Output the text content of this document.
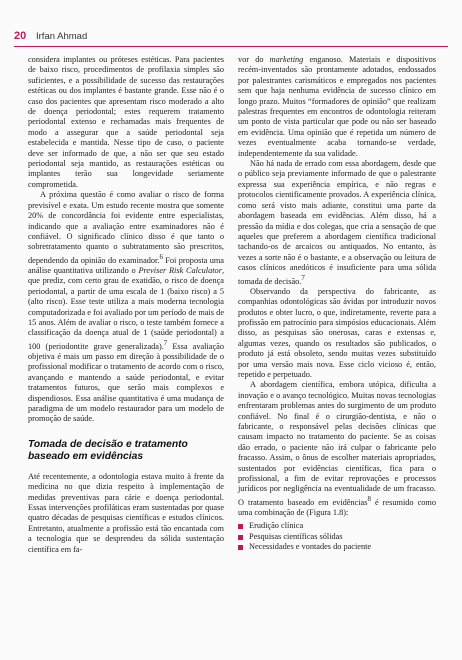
20 Irfan Ahmad

considera implantes ou próteses estéticas. Para pacientes de baixo risco, procedimentos de profilaxia simples são suficientes, e a possibilidade de sucesso das restaurações estéticas ou dos implantes é bastante grande. Esse não é o caso dos pacientes que apresentam risco moderado a alto de doença periodontal; estes requerem tratamento periodontal extenso e rechamadas mais frequentes de modo a assegurar que a saúde periodontal seja estabelecida e mantida. Nesse tipo de caso, o paciente deve ser informado de que, a não ser que seu estado periodontal seja mantido, as restaurações estéticas ou implantes terão sua longevidade seriamente comprometida.

A próxima questão é como avaliar o risco de forma previsível e exata. Um estudo recente mostra que somente 20% de concordância foi evidente entre especialistas, indicando que a avaliação entre examinadores não é confiável. O significado clínico disso é que tanto o sobretratamento quanto o subtratamento são prescritos, dependendo da opinião do examinador.$^6$ Foi proposta uma análise quantitativa utilizando o Previser Risk Calculator, que prediz, com certo grau de exatidão, o risco de doença periodontal, a partir de uma escala de 1 (baixo risco) a 5 (alto risco). Esse teste utiliza a mais moderna tecnologia computadorizada e foi avaliado por um período de mais de 15 anos. Além de avaliar o risco, o teste também fornece a classificação da doença atual de 1 (saúde periodontal) a 100 (periodontite grave generalizada).$^7$ Essa avaliação objetiva é mais um passo em direção à possibilidade de o profissional modificar o tratamento de acordo com o risco, avançando e mantendo a saúde periodontal, e evitar tratamentos futuros, que serão mais complexos e dispendiosos. Essa análise quantitativa é uma mudança de paradigma de um modelo restaurador para um modelo de promoção de saúde.

Tomada de decisão e tratamento baseado em evidências

Até recentemente, a odontologia estava muito à frente da medicina no que dizia respeito à implementação de medidas preventivas para cárie e doença periodontal. Essas intervenções profiláticas eram sustentadas por quase quatro décadas de pesquisas científicas e estudos clínicos. Entretanto, atualmente a profissão está tão encantada com a tecnologia que se desprendeu da sólida sustentação científica em fa-

vor do marketing enganoso. Materiais e dispositivos recém-inventados são prontamente adotados, endossados por palestrantes carismáticos e empregados nos pacientes sem que haja nenhuma evidência de sucesso clínico em longo prazo. Muitos “formadores de opinião” que realizam palestras frequentes em encontros de odontologia reiteram um ponto de vista particular que pode ou não ser baseado em evidência. Uma opinião que é repetida um número de vezes eventualmente acaba tornando-se verdade, independentemente da sua validade.

Não há nada de errado com essa abordagem, desde que o público seja previamente informado de que o palestrante expressa sua experiência empírica, e não regras e protocolos cientificamente provados. A experiência clínica, como será visto mais adiante, constitui uma parte da abordagem baseada em evidências. Além disso, há a pressão da mídia e dos colegas, que cria a sensação de que aqueles que preferem a abordagem científica tradicional tachando-os de arcaicos ou antiquados. No entanto, às vezes a sorte não é o bastante, e a observação ou leitura de casos clínicos anedóticos é insuficiente para uma sólida tomada de decisão.$^7$

Observando da perspectiva do fabricante, as companhias odontológicas são ávidas por introduzir novos produtos e obter lucro, o que, indiretamente, reverte para a profissão em patrocínio para simpósios educacionais. Além disso, as pesquisas são onerosas, caras e extensas e, algumas vezes, quando os resultados são publicados, o produto já está obsoleto, sendo muitas vezes substituído por uma versão mais nova. Esse ciclo vicioso é, então, repetido e perpetuado.

A abordagem científica, embora utópica, dificulta a inovação e o avanço tecnológico. Muitas novas tecnologias enfrentaram problemas antes do surgimento de um produto confiável. No final é o cirurgião-dentista, e não o fabricante, o responsável pelas decisões clínicas que causam impacto no tratamento do paciente. Se as coisas dão errado, o paciente não irá culpar o fabricante pelo fracasso. Assim, o ônus de escolher materiais apropriados, sustentados por evidências científicas, fica para o profissional, a fim de evitar reprovações e processos jurídicos por negligência na eventualidade de um fracasso. O tratamento baseado em evidências$^8$ é resumido como uma combinação de (Figura 1.8):

Erudição clínica
Pesquisas científicas sólidas
Necessidades e vontades do paciente
